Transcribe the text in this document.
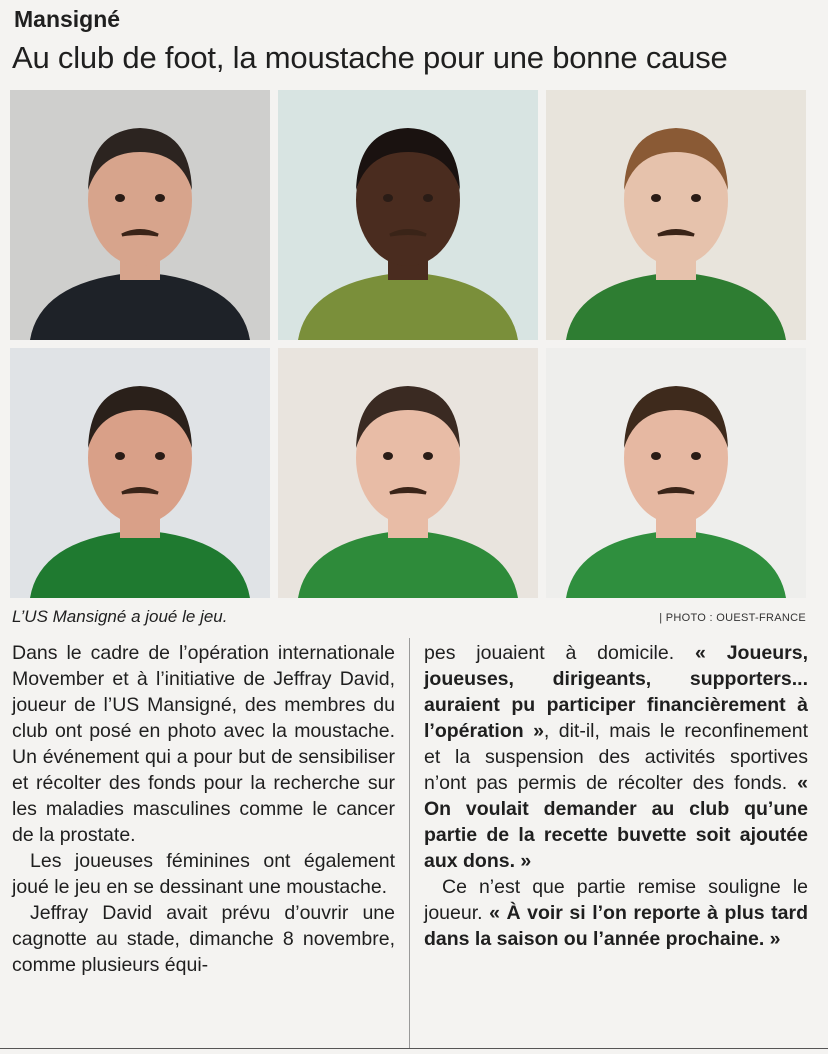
Mansigné
Au club de foot, la moustache pour une bonne cause

L’US Mansigné a joué le jeu.	| PHOTO : OUEST-FRANCE

Dans le cadre de l’opération internationale Movember et à l’initiative de Jeffray David, joueur de l’US Mansigné, des membres du club ont posé en photo avec la moustache. Un événement qui a pour but de sensibiliser et récolter des fonds pour la recherche sur les maladies masculines comme le cancer de la prostate.

Les joueuses féminines ont également joué le jeu en se dessinant une moustache.

Jeffray David avait prévu d’ouvrir une cagnotte au stade, dimanche 8 novembre, comme plusieurs équi-

pes jouaient à domicile. « Joueurs, joueuses, dirigeants, supporters... auraient pu participer financièrement à l’opération », dit-il, mais le reconfinement et la suspension des activités sportives n’ont pas permis de récolter des fonds. « On voulait demander au club qu’une partie de la recette buvette soit ajoutée aux dons. »

Ce n’est que partie remise souligne le joueur. « À voir si l’on reporte à plus tard dans la saison ou l’année prochaine. »
